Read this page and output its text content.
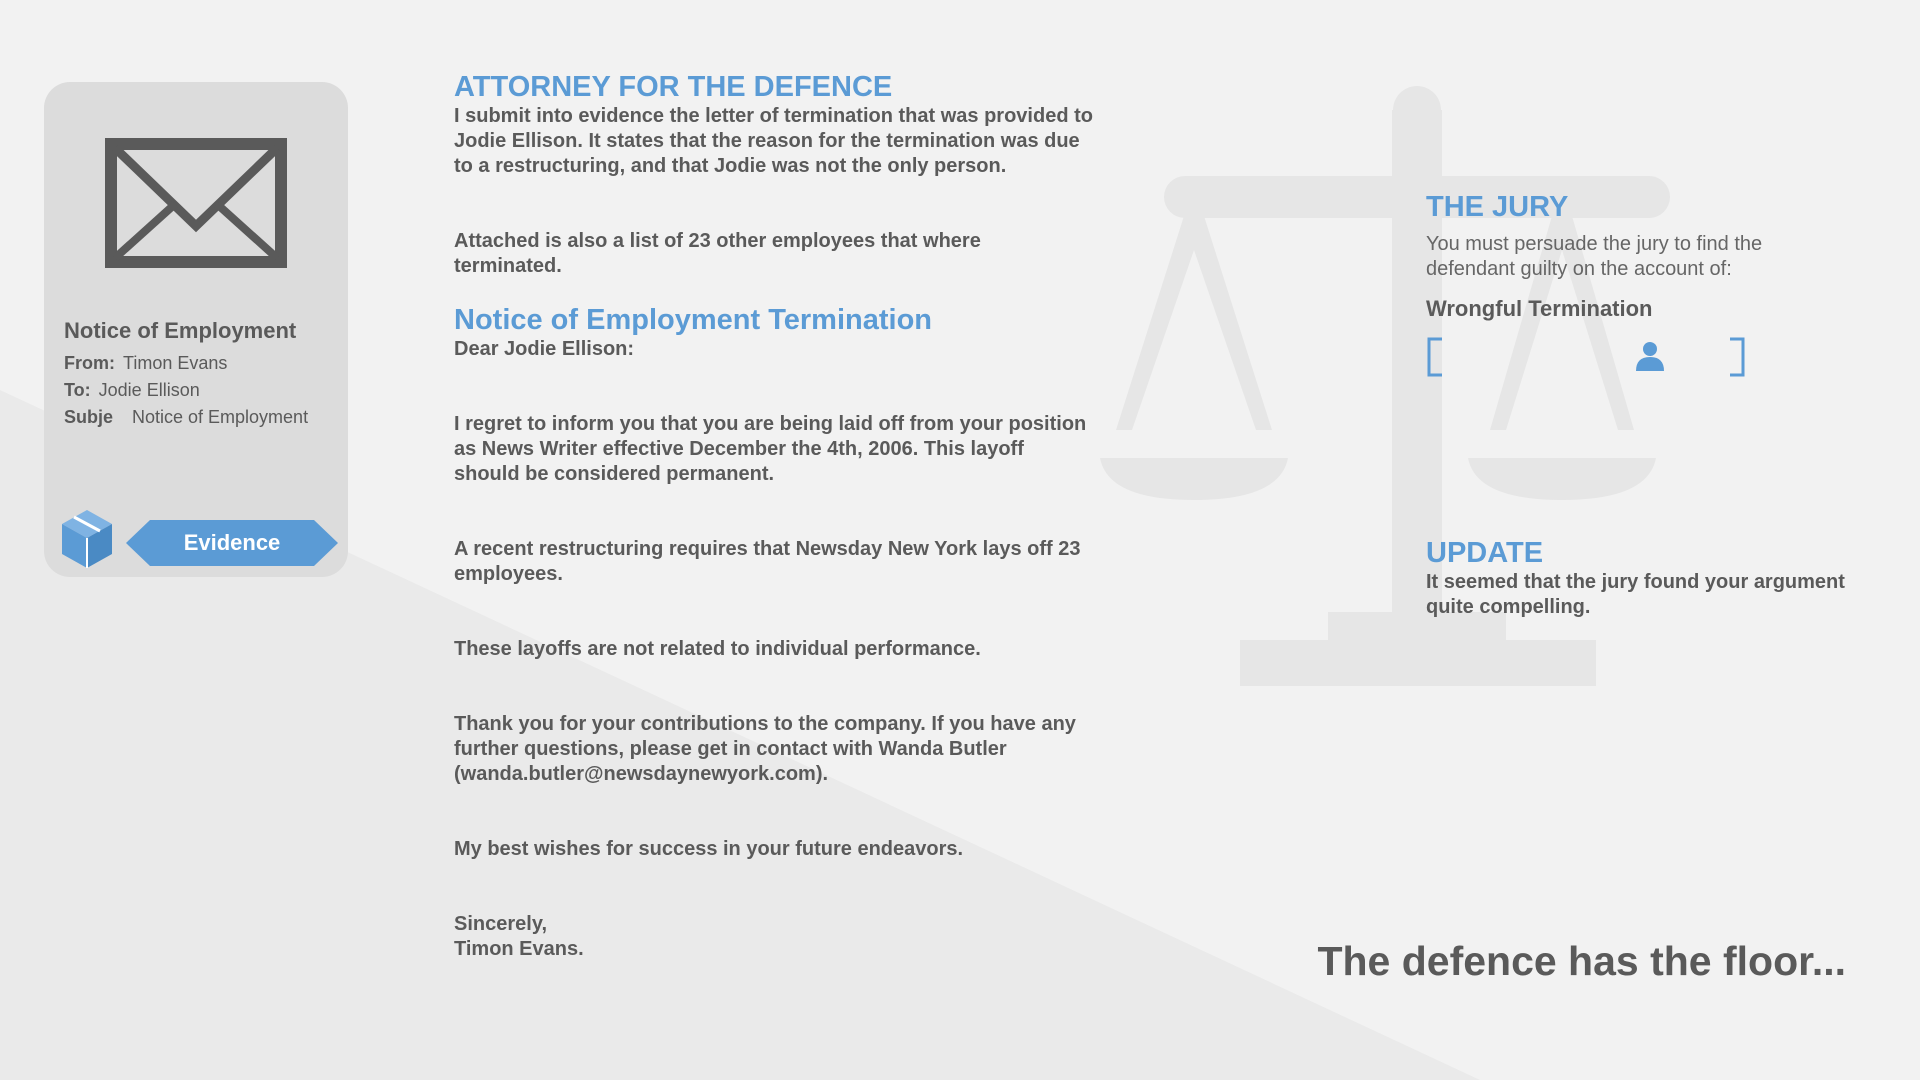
Notice of Employment
From: Timon Evans
To: Jodie Ellison
Subje Notice of Employment
Evidence
ATTORNEY FOR THE DEFENCE
I submit into evidence the letter of termination that was provided to Jodie Ellison. It states that the reason for the termination was due to a restructuring, and that Jodie was not the only person.
Attached is also a list of 23 other employees that where terminated.
Notice of Employment Termination
Dear Jodie Ellison:
I regret to inform you that you are being laid off from your position as News Writer effective December the 4th, 2006. This layoff should be considered permanent.
A recent restructuring requires that Newsday New York lays off 23 employees.
These layoffs are not related to individual performance.
Thank you for your contributions to the company. If you have any further questions, please get in contact with Wanda Butler (wanda.butler@newsdaynewyork.com).
My best wishes for success in your future endeavors.
Sincerely,
Timon Evans.
THE JURY
You must persuade the jury to find the defendant guilty on the account of:
Wrongful Termination
UPDATE
It seemed that the jury found your argument quite compelling.
The defence has the floor...
